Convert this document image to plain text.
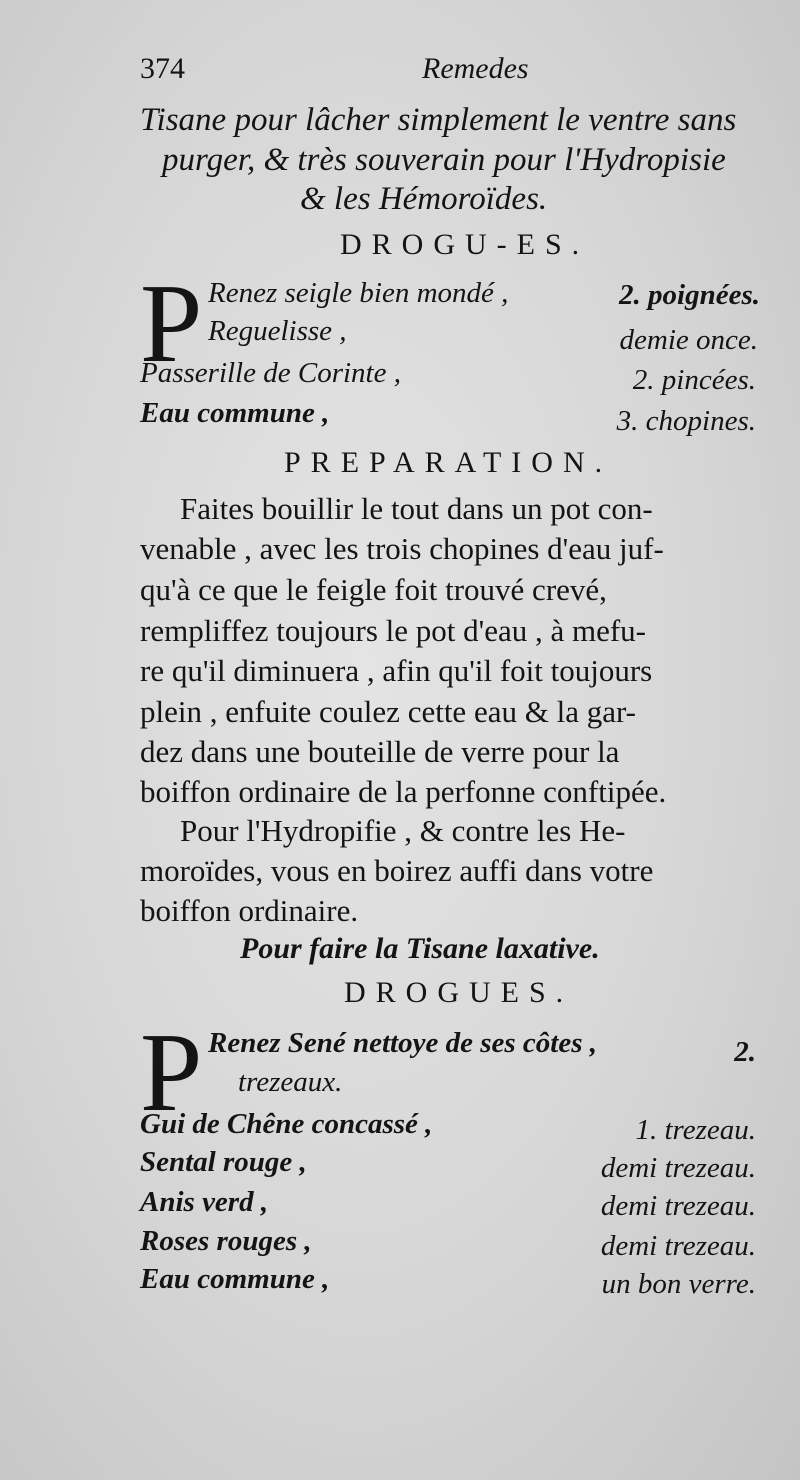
374	Remedes
Tisane pour lâcher simplement le ventre sans
purger, & très souverain pour l'Hydropisie
& les Hémoroïdes.
DROGU-ES.
P Renez seigle bien mondé ,	2. poignées.
Reguelisse ,	demie once.
Passerille de Corinte ,	2. pincées.
Eau commune ,	3. chopines.
PREPARATION.
Faites bouillir le tout dans un pot con-
venable , avec les trois chopines d'eau juf-
qu'à ce que le feigle foit trouvé crevé,
rempliffez toujours le pot d'eau , à mefu-
re qu'il diminuera , afin qu'il foit toujours
plein , enfuite coulez cette eau & la gar-
dez dans une bouteille de verre pour la
boiffon ordinaire de la perfonne conftipée.
Pour l'Hydropifie , & contre les He-
moroïdes, vous en boirez auffi dans votre
boiffon ordinaire.
Pour faire la Tisane laxative.
DROGUES.
P Renez Sené nettoye de ses côtes ,	2.
trezeaux.
Gui de Chêne concassé ,	1. trezeau.
Sental rouge ,	demi trezeau.
Anis verd ,	demi trezeau.
Roses rouges ,	demi trezeau.
Eau commune ,	un bon verre.
